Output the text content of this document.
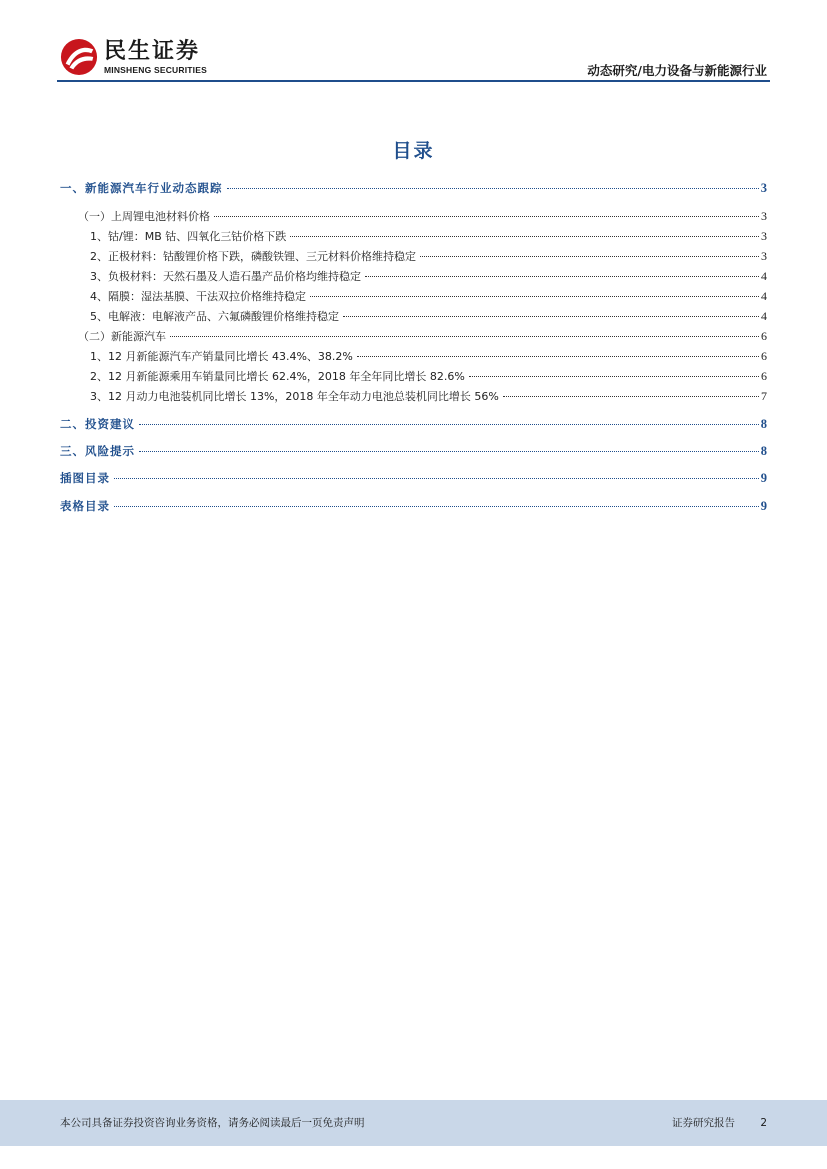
民生证券
MINSHENG SECURITIES	动态研究/电力设备与新能源行业
目录
一、新能源汽车行业动态跟踪	3
（一）上周锂电池材料价格	3
1、钴/锂：MB 钴、四氧化三钴价格下跌	3
2、正极材料：钴酸锂价格下跌，磷酸铁锂、三元材料价格维持稳定	3
3、负极材料：天然石墨及人造石墨产品价格均维持稳定	4
4、隔膜：湿法基膜、干法双拉价格维持稳定	4
5、电解液：电解液产品、六氟磷酸锂价格维持稳定	4
（二）新能源汽车	6
1、12 月新能源汽车产销量同比增长 43.4%、38.2%	6
2、12 月新能源乘用车销量同比增长 62.4%，2018 年全年同比增长 82.6%	6
3、12 月动力电池装机同比增长 13%，2018 年全年动力电池总装机同比增长 56%	7
二、投资建议	8
三、风险提示	8
插图目录	9
表格目录	9
本公司具备证券投资咨询业务资格，请务必阅读最后一页免责声明	证券研究报告 2
